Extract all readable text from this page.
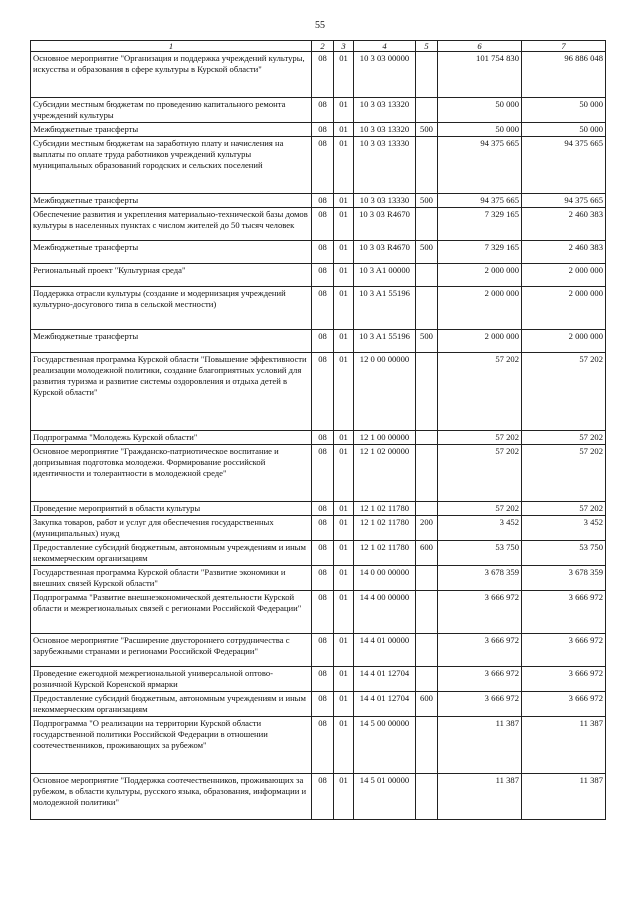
55
1	2	3	4	5	6	7
Основное мероприятие "Организация и поддержка учреждений культуры, искусства и образования в сфере культуры в Курской области"	08	01	10 3 03 00000		101 754 830	96 886 048
Субсидии местным бюджетам по проведению капитального ремонта учреждений культуры	08	01	10 3 03 13320		50 000	50 000
Межбюджетные трансферты	08	01	10 3 03 13320	500	50 000	50 000
Субсидии местным бюджетам на заработную плату и начисления на выплаты по оплате труда работников учреждений культуры муниципальных образований городских и сельских поселений	08	01	10 3 03 13330		94 375 665	94 375 665
Межбюджетные трансферты	08	01	10 3 03 13330	500	94 375 665	94 375 665
Обеспечение развития и укрепления материально-технической базы домов культуры в населенных пунктах с числом жителей до 50 тысяч человек	08	01	10 3 03 R4670		7 329 165	2 460 383
Межбюджетные трансферты	08	01	10 3 03 R4670	500	7 329 165	2 460 383
Региональный проект "Культурная среда"	08	01	10 3 A1 00000		2 000 000	2 000 000
Поддержка отрасли культуры (создание и модернизация учреждений культурно-досугового типа в сельской местности)	08	01	10 3 A1 55196		2 000 000	2 000 000
Межбюджетные трансферты	08	01	10 3 A1 55196	500	2 000 000	2 000 000
Государственная программа Курской области "Повышение эффективности реализации молодежной политики, создание благоприятных условий для развития туризма и развитие системы оздоровления и отдыха детей в Курской области"	08	01	12 0 00 00000		57 202	57 202
Подпрограмма "Молодежь Курской области"	08	01	12 1 00 00000		57 202	57 202
Основное мероприятие "Гражданско-патриотическое воспитание и допризывная подготовка молодежи. Формирование российской идентичности и толерантности в молодежной среде"	08	01	12 1 02 00000		57 202	57 202
Проведение мероприятий в области культуры	08	01	12 1 02 11780		57 202	57 202
Закупка товаров, работ и услуг для обеспечения государственных (муниципальных) нужд	08	01	12 1 02 11780	200	3 452	3 452
Предоставление субсидий бюджетным, автономным учреждениям и иным некоммерческим организациям	08	01	12 1 02 11780	600	53 750	53 750
Государственная программа Курской области "Развитие экономики и внешних связей Курской области"	08	01	14 0 00 00000		3 678 359	3 678 359
Подпрограмма "Развитие внешнеэкономической деятельности Курской области и межрегиональных связей с регионами Российской Федерации"	08	01	14 4 00 00000		3 666 972	3 666 972
Основное мероприятие "Расширение двустороннего сотрудничества с зарубежными странами и регионами Российской Федерации"	08	01	14 4 01 00000		3 666 972	3 666 972
Проведение ежегодной межрегиональной универсальной оптово-розничной Курской Коренской ярмарки	08	01	14 4 01 12704		3 666 972	3 666 972
Предоставление субсидий бюджетным, автономным учреждениям и иным некоммерческим организациям	08	01	14 4 01 12704	600	3 666 972	3 666 972
Подпрограмма "О реализации на территории Курской области государственной политики Российской Федерации в отношении соотечественников, проживающих за рубежом"	08	01	14 5 00 00000		11 387	11 387
Основное мероприятие "Поддержка соотечественников, проживающих за рубежом, в области культуры, русского языка, образования, информации и молодежной политики"	08	01	14 5 01 00000		11 387	11 387
